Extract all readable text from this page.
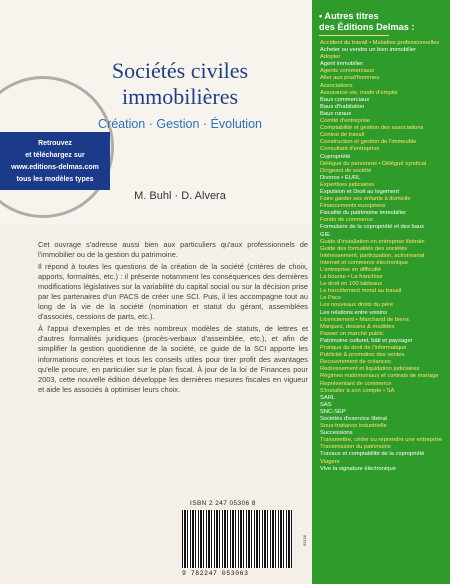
Sociétés civiles
immobilières
Création · Gestion · Évolution
Retrouvez
et téléchargez sur
www.editions-delmas.com
tous les modèles types
M. Buhl · D. Alvera

Cet ouvrage s'adresse aussi bien aux particuliers qu'aux professionnels de l'immobilier ou de la gestion du patrimoine.

Il répond à toutes les questions de la création de la société (critères de choix, apports, formalités, etc.) : il présente notamment les conséquences des dernières modifications législatives sur la variabilité du capital social ou sur la décision prise par les partenaires d'un PACS de créer une SCI. Puis, il les accompagne tout au long de la vie de la société (nomination et statut du gérant, assemblées d'associés, cessions de parts, etc.).

À l'appui d'exemples et de très nombreux modèles de statuts, de lettres et d'autres formalités juridiques (procès-verbaux d'assemblée, etc.), et afin de simplifier la gestion quotidienne de la société, ce guide de la SCI apporte les informations concrètes et tous les conseils utiles pour tirer profit des avantages qu'elle procure, en particulier sur le plan fiscal. À jour de la loi de Finances pour 2003, cette nouvelle édition développe les dernières mesures fiscales en vigueur et aide les associés à optimiser leurs choix.

ISBN 2 247 05306 8
9 782247 053063
03135
• Autres titres
des Éditions Delmas :
Accident du travail • Maladies professionnelles
Acheter ou vendre un bien immobilier
Adopter
Agent immobilier
Agents commerciaux
Aller aux prud'hommes
Associations
Assurance-vie, mode d'emploi
Baux commerciaux
Baux d'habitation
Baux ruraux
Comité d'entreprise
Comptabilité et gestion des associations
Contrat de travail
Construction et gestion de l'immeuble
Consultant d'entreprise
Copropriété
Délégué du personnel • Délégué syndical
Dirigeant de société
Divorce • EURL
Expertises judiciaires
Expulsion et Droit au logement
Faire garder ses enfants à domicile
Financements européens
Fiscalité du patrimoine immobilier
Fonds de commerce
Formulaire de la copropriété et des baux
GIE
Guide d'installation en entreprise libérale
Guide des formalités des sociétés
Intéressement, participation, actionnariat
Internet et commerce électronique
L'entreprise en difficulté
La bourse • La franchise
Le droit en 100 tableaux
Le harcèlement moral au travail
Le Pacs
Les nouveaux droits du père
Les relations entre voisins
Licenciement • Marchand de biens
Marques, dessins & modèles
Passer un marché public
Patrimoine culturel, bâti et paysager
Pratique du droit de l'informatique
Publicité & promotion des ventes
Recouvrement de créances
Redressement et liquidation judiciaires
Régimes matrimoniaux et contrats de mariage
Représentant de commerce
S'installer à son compte • SA
SARL
SAS
SNC-SEP
Sociétés d'exercice libéral
Sous-traitance industrielle
Successions
Transmettre, céder ou reprendre une entreprise
Transmission du patrimoine
Travaux et comptabilité de la copropriété
Viagers
Vive la signature électronique
